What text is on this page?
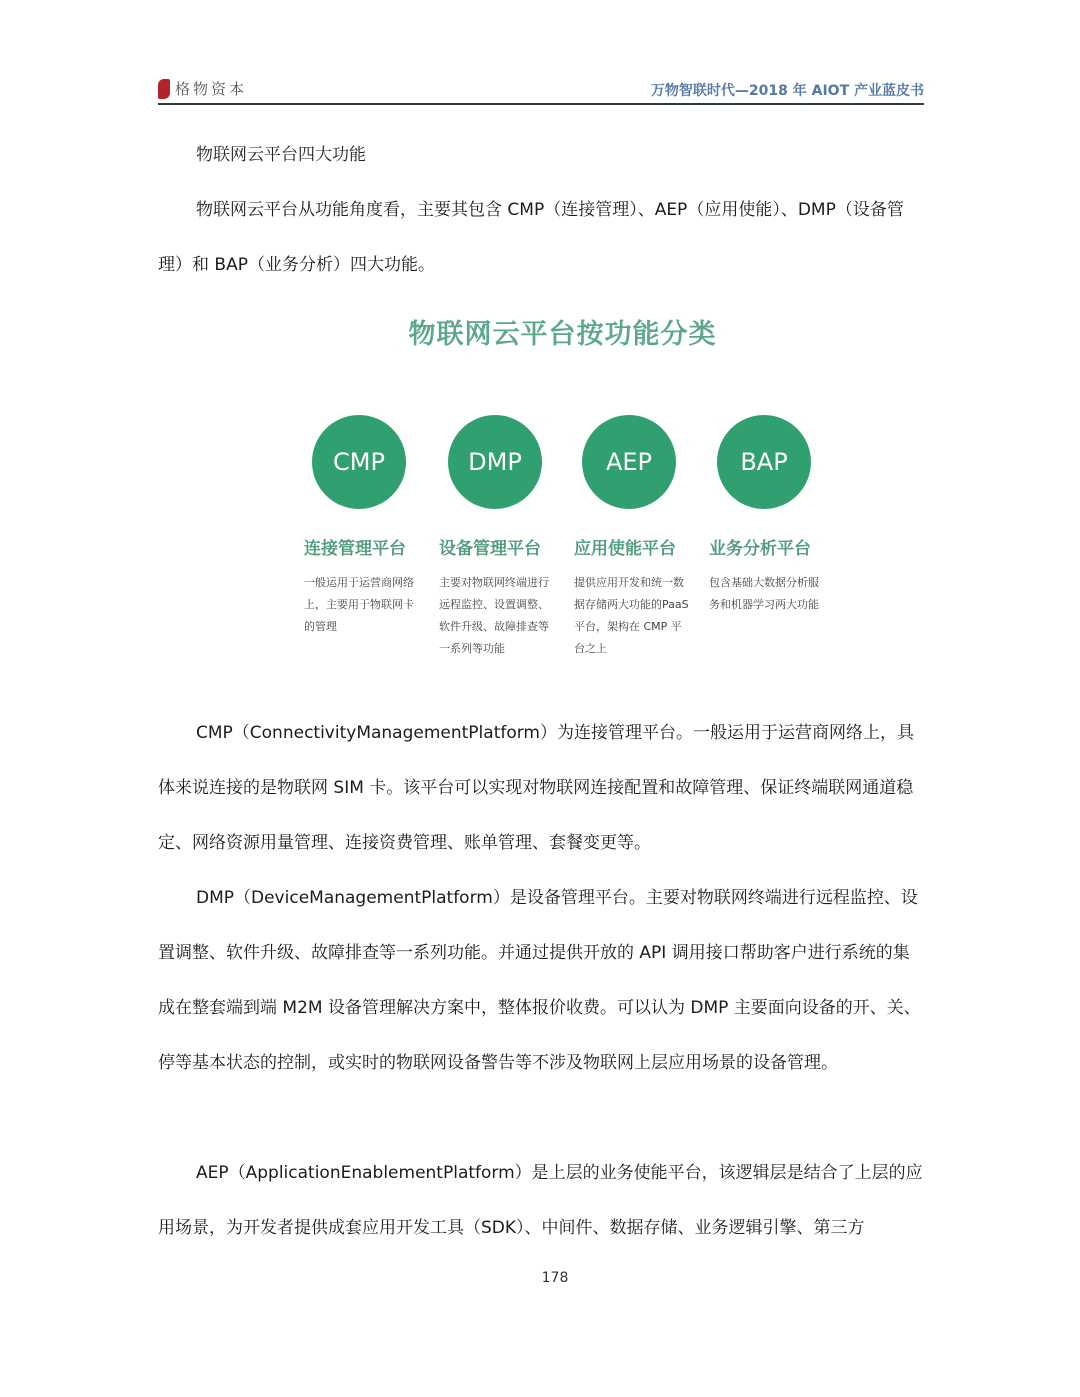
格物资本	万物智联时代—2018 年 AIOT 产业蓝皮书
物联网云平台四大功能
物联网云平台从功能角度看，主要其包含 CMP（连接管理）、AEP（应用使能）、DMP（设备管理）和 BAP（业务分析）四大功能。
物联网云平台按功能分类
CMP	DMP	AEP	BAP
连接管理平台	设备管理平台	应用使能平台	业务分析平台
一般运用于运营商网络上，主要用于物联网卡的管理
主要对物联网终端进行远程监控、设置调整、软件升级、故障排查等一系列等功能
提供应用开发和统一数据存储两大功能的PaaS 平台，架构在 CMP 平台之上
包含基础大数据分析服务和机器学习两大功能
CMP（ConnectivityManagementPlatform）为连接管理平台。一般运用于运营商网络上，具体来说连接的是物联网 SIM 卡。该平台可以实现对物联网连接配置和故障管理、保证终端联网通道稳定、网络资源用量管理、连接资费管理、账单管理、套餐变更等。
DMP（DeviceManagementPlatform）是设备管理平台。主要对物联网终端进行远程监控、设置调整、软件升级、故障排查等一系列功能。并通过提供开放的 API 调用接口帮助客户进行系统的集成在整套端到端 M2M 设备管理解决方案中，整体报价收费。可以认为 DMP 主要面向设备的开、关、停等基本状态的控制，或实时的物联网设备警告等不涉及物联网上层应用场景的设备管理。
AEP（ApplicationEnablementPlatform）是上层的业务使能平台，该逻辑层是结合了上层的应用场景，为开发者提供成套应用开发工具（SDK）、中间件、数据存储、业务逻辑引擎、第三方
178
